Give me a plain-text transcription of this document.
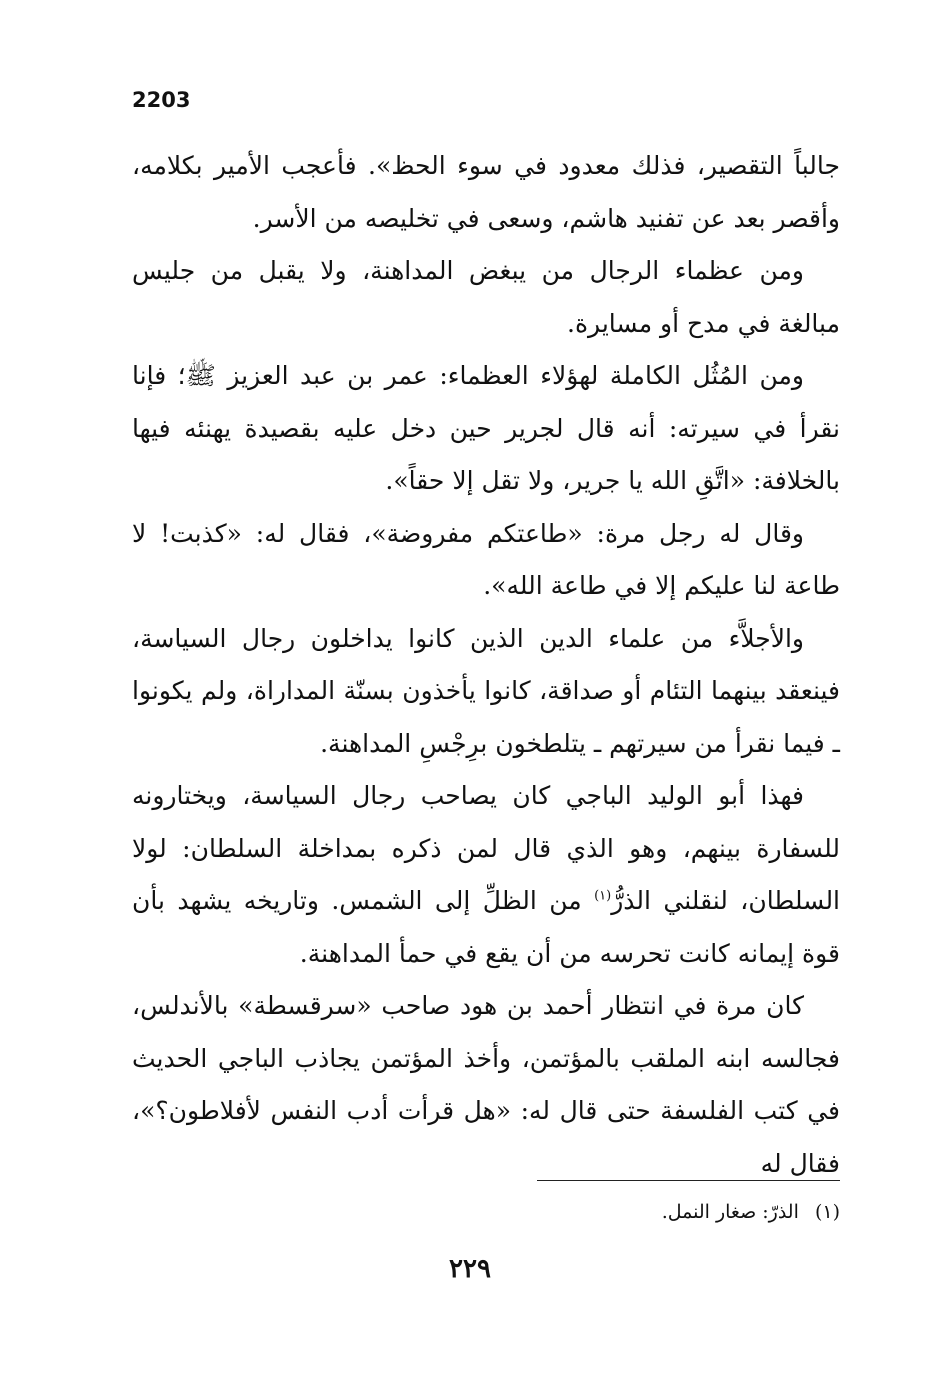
2203

جالباً التقصير، فذلك معدود في سوء الحظ». فأعجب الأمير بكلامه، وأقصر بعد عن تفنيد هاشم، وسعى في تخليصه من الأسر.

ومن عظماء الرجال من يبغض المداهنة، ولا يقبل من جليس مبالغة في مدح أو مسايرة.

ومن المُثُل الكاملة لهؤلاء العظماء: عمر بن عبد العزيز ﷺ؛ فإنا نقرأ في سيرته: أنه قال لجرير حين دخل عليه بقصيدة يهنئه فيها بالخلافة: «اتَّقِ الله يا جرير، ولا تقل إلا حقاً».

وقال له رجل مرة: «طاعتكم مفروضة»، فقال له: «كذبت! لا طاعة لنا عليكم إلا في طاعة الله».

والأجلاَّء من علماء الدين الذين كانوا يداخلون رجال السياسة، فينعقد بينهما التئام أو صداقة، كانوا يأخذون بسنّة المداراة، ولم يكونوا ـ فيما نقرأ من سيرتهم ـ يتلطخون برِجْسِ المداهنة.

فهذا أبو الوليد الباجي كان يصاحب رجال السياسة، ويختارونه للسفارة بينهم، وهو الذي قال لمن ذكره بمداخلة السلطان: لولا السلطان، لنقلني الذرُّ$^{(١)}$ من الظلِّ إلى الشمس. وتاريخه يشهد بأن قوة إيمانه كانت تحرسه من أن يقع في حمأ المداهنة.

كان مرة في انتظار أحمد بن هود صاحب «سرقسطة» بالأندلس، فجالسه ابنه الملقب بالمؤتمن، وأخذ المؤتمن يجاذب الباجي الحديث في كتب الفلسفة حتى قال له: «هل قرأت أدب النفس لأفلاطون؟»، فقال له

(١) الذرّ: صغار النمل.
٢٢٩
